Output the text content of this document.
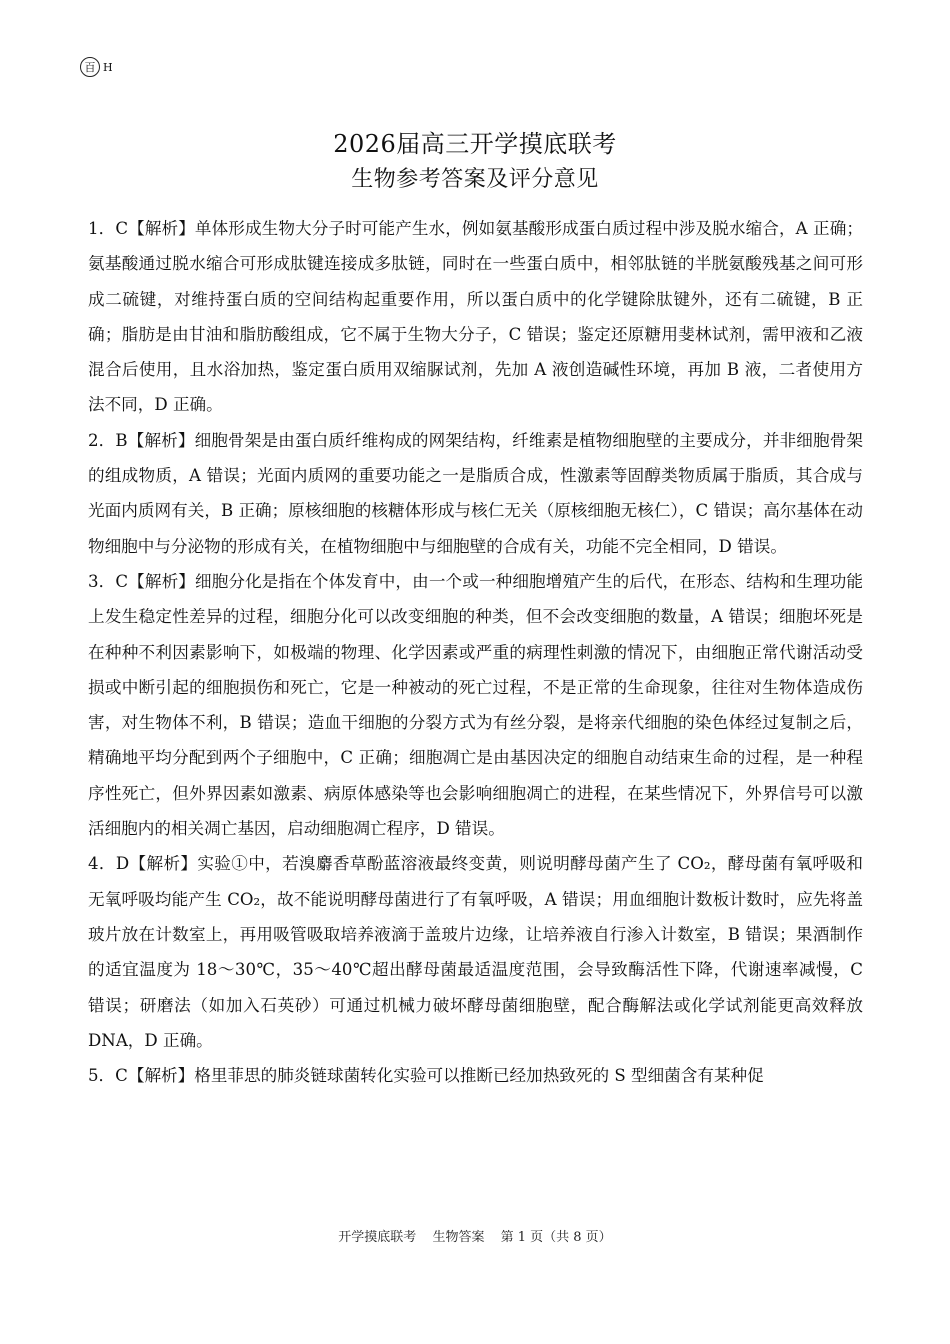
百 H
2026届高三开学摸底联考
生物参考答案及评分意见

1．C【解析】单体形成生物大分子时可能产生水，例如氨基酸形成蛋白质过程中涉及脱水缩合，A 正确；氨基酸通过脱水缩合可形成肽键连接成多肽链，同时在一些蛋白质中，相邻肽链的半胱氨酸残基之间可形成二硫键，对维持蛋白质的空间结构起重要作用，所以蛋白质中的化学键除肽键外，还有二硫键，B 正确；脂肪是由甘油和脂肪酸组成，它不属于生物大分子，C 错误；鉴定还原糖用斐林试剂，需甲液和乙液混合后使用，且水浴加热，鉴定蛋白质用双缩脲试剂，先加 A 液创造碱性环境，再加 B 液，二者使用方法不同，D 正确。

2．B【解析】细胞骨架是由蛋白质纤维构成的网架结构，纤维素是植物细胞壁的主要成分，并非细胞骨架的组成物质，A 错误；光面内质网的重要功能之一是脂质合成，性激素等固醇类物质属于脂质，其合成与光面内质网有关，B 正确；原核细胞的核糖体形成与核仁无关（原核细胞无核仁），C 错误；高尔基体在动物细胞中与分泌物的形成有关，在植物细胞中与细胞壁的合成有关，功能不完全相同，D 错误。

3．C【解析】细胞分化是指在个体发育中，由一个或一种细胞增殖产生的后代，在形态、结构和生理功能上发生稳定性差异的过程，细胞分化可以改变细胞的种类，但不会改变细胞的数量，A 错误；细胞坏死是在种种不利因素影响下，如极端的物理、化学因素或严重的病理性刺激的情况下，由细胞正常代谢活动受损或中断引起的细胞损伤和死亡，它是一种被动的死亡过程，不是正常的生命现象，往往对生物体造成伤害，对生物体不利，B 错误；造血干细胞的分裂方式为有丝分裂，是将亲代细胞的染色体经过复制之后，精确地平均分配到两个子细胞中，C 正确；细胞凋亡是由基因决定的细胞自动结束生命的过程，是一种程序性死亡，但外界因素如激素、病原体感染等也会影响细胞凋亡的进程，在某些情况下，外界信号可以激活细胞内的相关凋亡基因，启动细胞凋亡程序，D 错误。

4．D【解析】实验①中，若溴麝香草酚蓝溶液最终变黄，则说明酵母菌产生了 CO₂，酵母菌有氧呼吸和无氧呼吸均能产生 CO₂，故不能说明酵母菌进行了有氧呼吸，A 错误；用血细胞计数板计数时，应先将盖玻片放在计数室上，再用吸管吸取培养液滴于盖玻片边缘，让培养液自行渗入计数室，B 错误；果酒制作的适宜温度为 18～30℃，35～40℃超出酵母菌最适温度范围，会导致酶活性下降，代谢速率减慢，C 错误；研磨法（如加入石英砂）可通过机械力破坏酵母菌细胞壁，配合酶解法或化学试剂能更高效释放 DNA，D 正确。

5．C【解析】格里菲思的肺炎链球菌转化实验可以推断已经加热致死的 S 型细菌含有某种促

开学摸底联考 生物答案 第 1 页（共 8 页）
